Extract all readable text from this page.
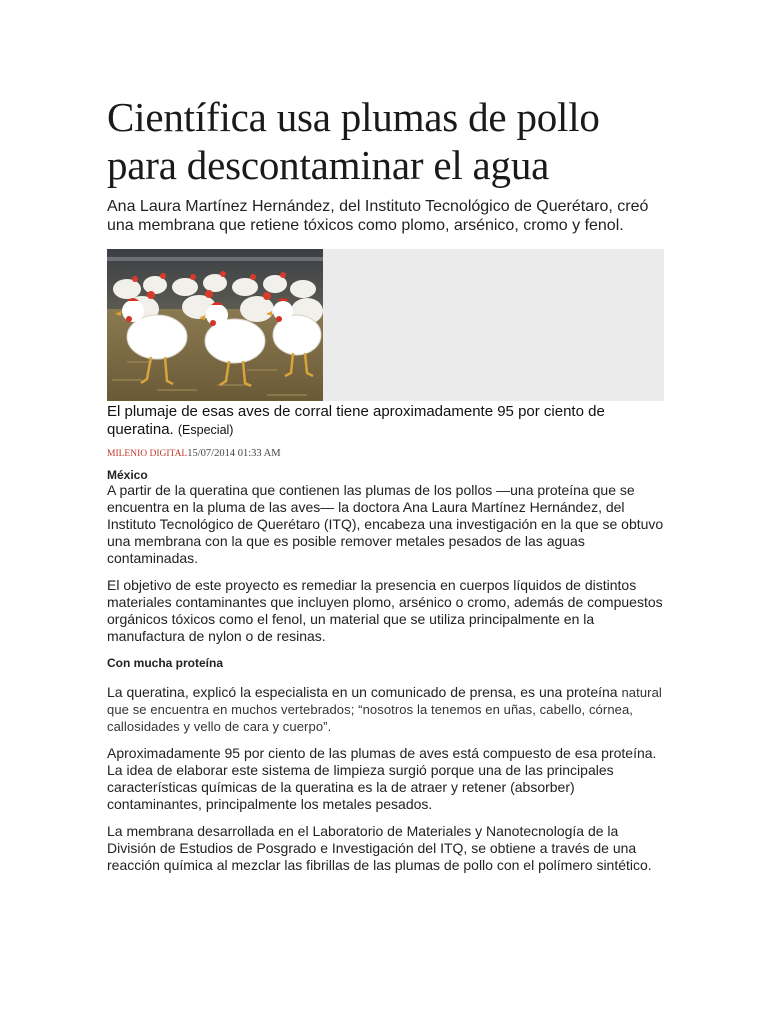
Científica usa plumas de pollo
para descontaminar el agua
Ana Laura Martínez Hernández, del Instituto Tecnológico de Querétaro, creó una membrana que retiene tóxicos como plomo, arsénico, cromo y fenol.
El plumaje de esas aves de corral tiene aproximadamente 95 por ciento de queratina. (Especial)
MILENIO DIGITAL15/07/2014 01:33 AM
México

A partir de la queratina que contienen las plumas de los pollos —una proteína que se encuentra en la pluma de las aves— la doctora Ana Laura Martínez Hernández, del Instituto Tecnológico de Querétaro (ITQ), encabeza una investigación en la que se obtuvo una membrana con la que es posible remover metales pesados de las aguas contaminadas.

El objetivo de este proyecto es remediar la presencia en cuerpos líquidos de distintos materiales contaminantes que incluyen plomo, arsénico o cromo, además de compuestos orgánicos tóxicos como el fenol, un material que se utiliza principalmente en la manufactura de nylon o de resinas.

Con mucha proteína

La queratina, explicó la especialista en un comunicado de prensa, es una proteína natural que se encuentra en muchos vertebrados; “nosotros la tenemos en uñas, cabello, córnea, callosidades y vello de cara y cuerpo”.

Aproximadamente 95 por ciento de las plumas de aves está compuesto de esa proteína. La idea de elaborar este sistema de limpieza surgió porque una de las principales características químicas de la queratina es la de atraer y retener (absorber) contaminantes, principalmente los metales pesados.

La membrana desarrollada en el Laboratorio de Materiales y Nanotecnología de la División de Estudios de Posgrado e Investigación del ITQ, se obtiene a través de una reacción química al mezclar las fibrillas de las plumas de pollo con el polímero sintético.
